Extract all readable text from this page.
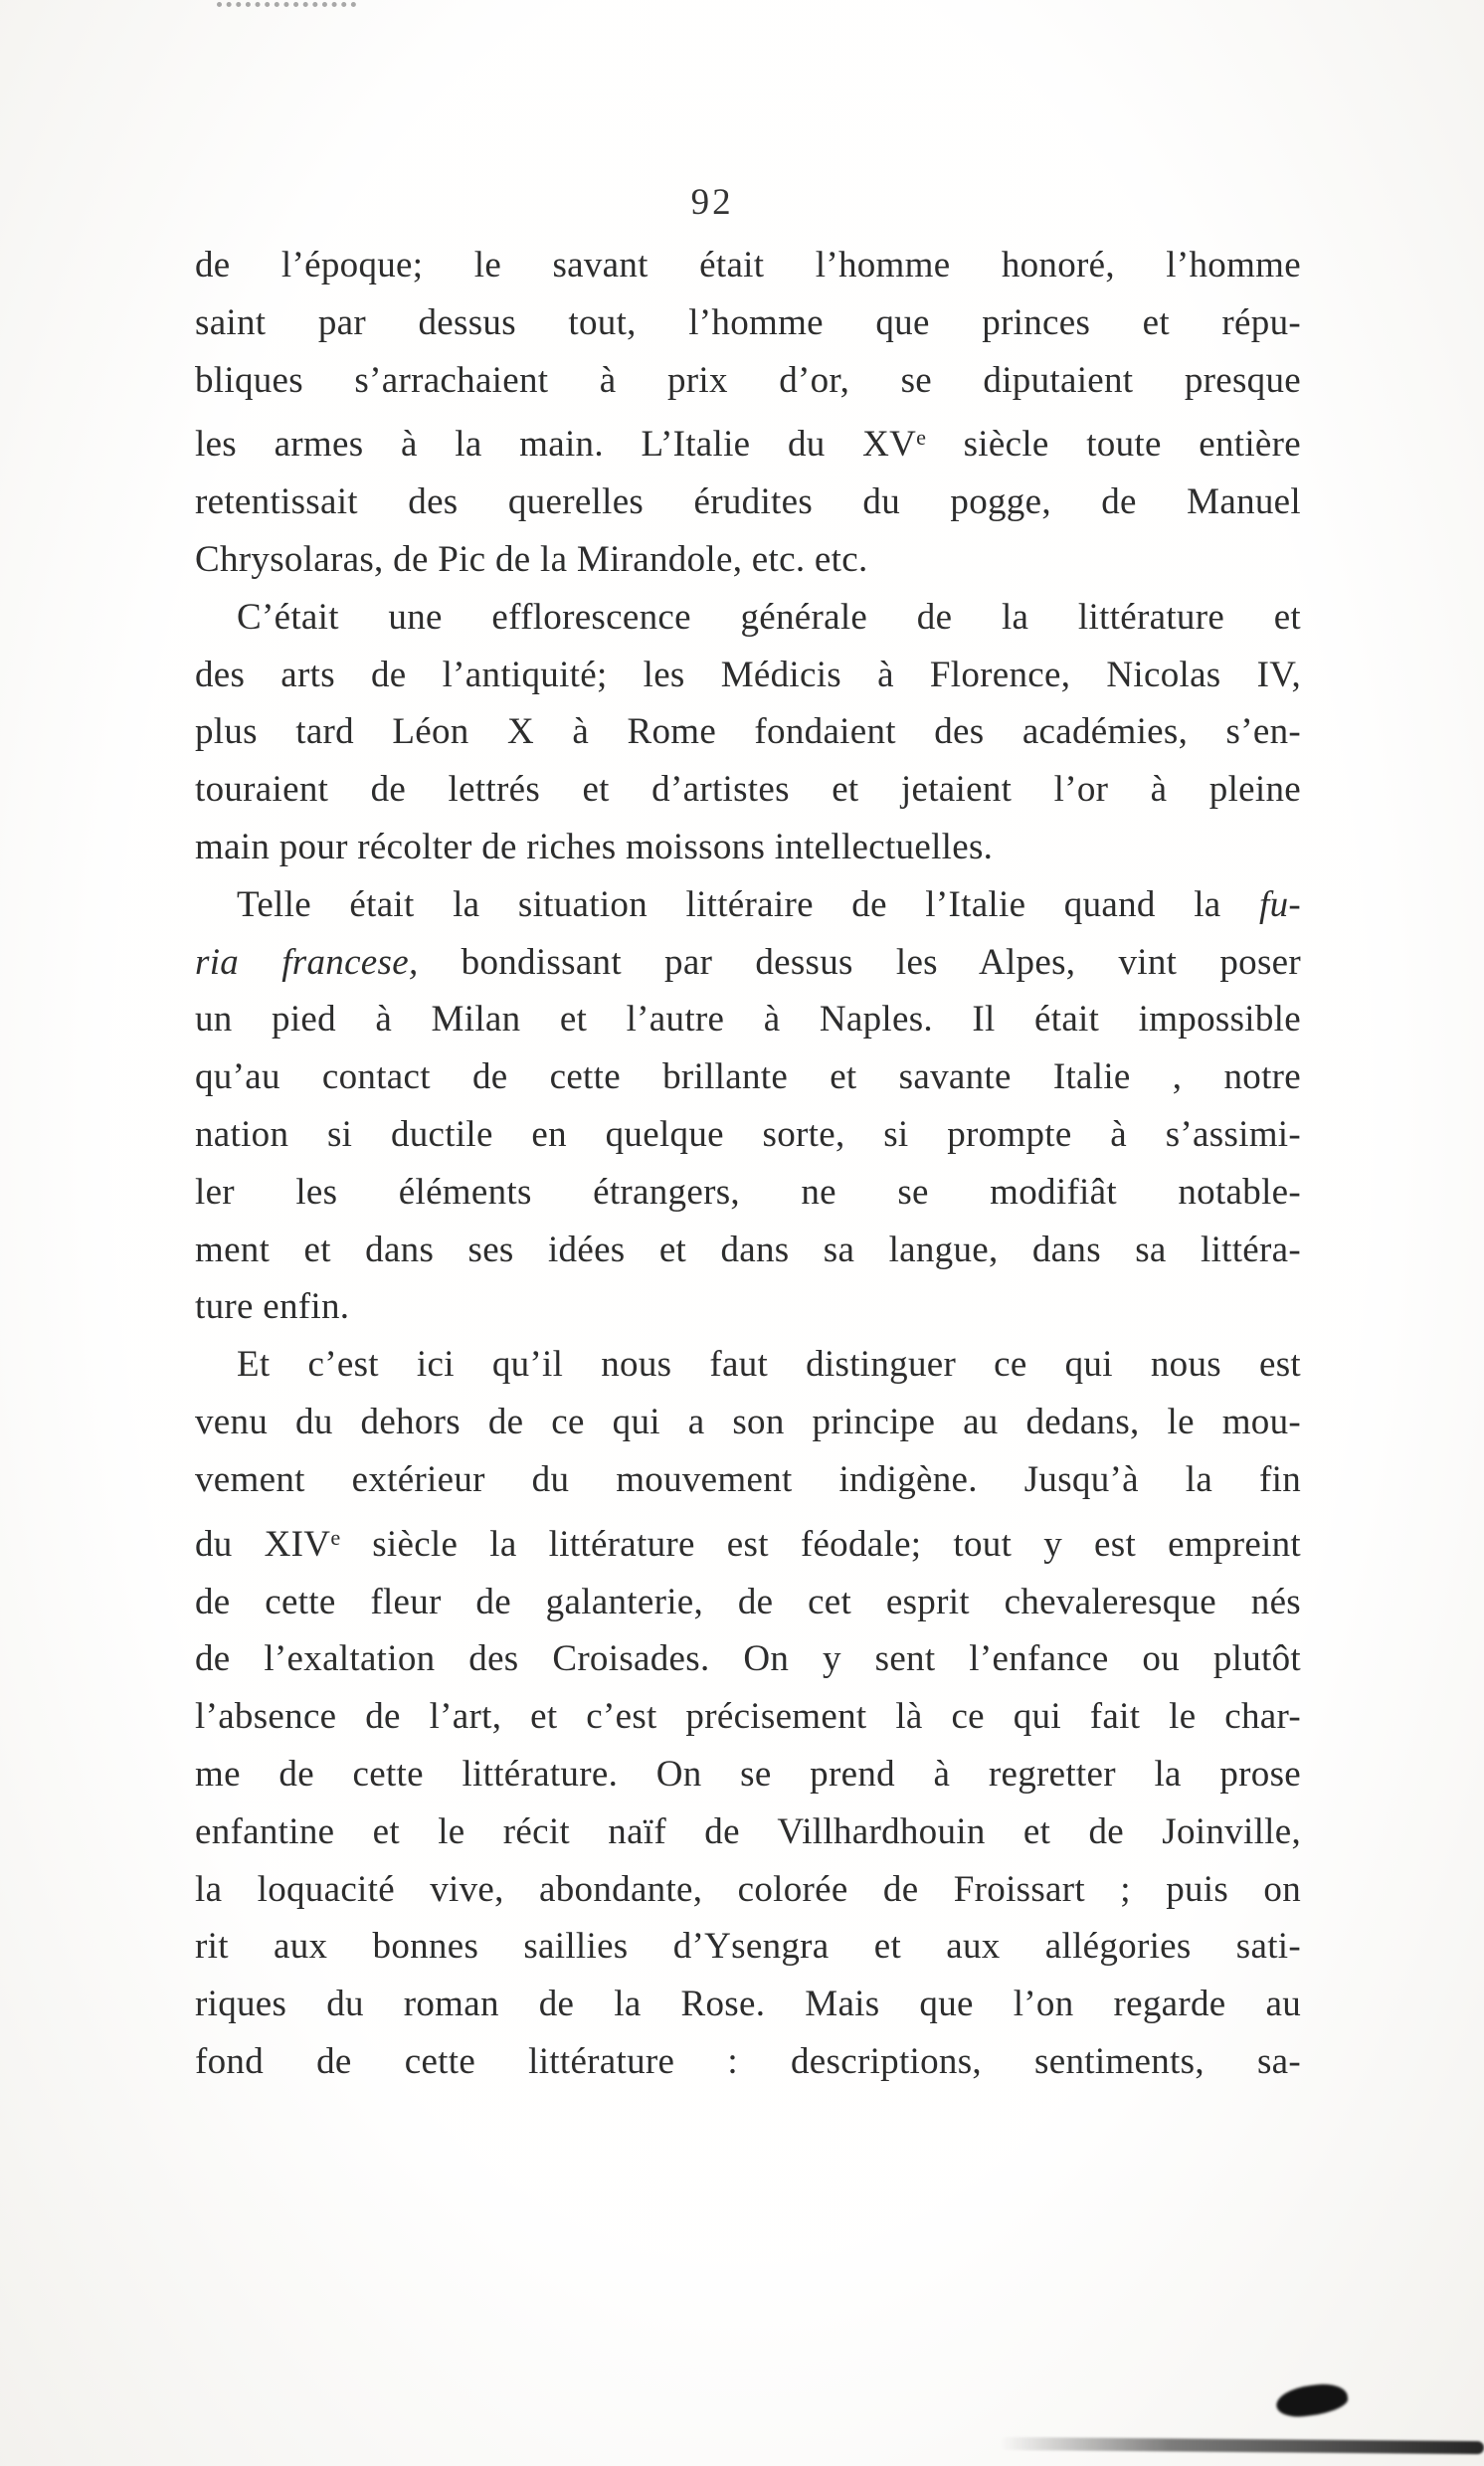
92
de l’époque; le savant était l’homme honoré, l’homme
saint par dessus tout, l’homme que princes et répu-
bliques s’arrachaient à prix d’or, se diputaient presque
les armes à la main. L’Italie du XVe siècle toute entière
retentissait des querelles érudites du pogge, de Manuel
Chrysolaras, de Pic de la Mirandole, etc. etc.
C’était une efflorescence générale de la littérature et
des arts de l’antiquité; les Médicis à Florence, Nicolas IV,
plus tard Léon X à Rome fondaient des académies, s’en-
touraient de lettrés et d’artistes et jetaient l’or à pleine
main pour récolter de riches moissons intellectuelles.
Telle était la situation littéraire de l’Italie quand la fu-
ria francese, bondissant par dessus les Alpes, vint poser
un pied à Milan et l’autre à Naples. Il était impossible
qu’au contact de cette brillante et savante Italie , notre
nation si ductile en quelque sorte, si prompte à s’assimi-
ler les éléments étrangers, ne se modifiât notable-
ment et dans ses idées et dans sa langue, dans sa littéra-
ture enfin.
Et c’est ici qu’il nous faut distinguer ce qui nous est
venu du dehors de ce qui a son principe au dedans, le mou-
vement extérieur du mouvement indigène. Jusqu’à la fin
du XIVe siècle la littérature est féodale; tout y est empreint
de cette fleur de galanterie, de cet esprit chevaleresque nés
de l’exaltation des Croisades. On y sent l’enfance ou plutôt
l’absence de l’art, et c’est précisement là ce qui fait le char-
me de cette littérature. On se prend à regretter la prose
enfantine et le récit naïf de Villhardhouin et de Joinville,
la loquacité vive, abondante, colorée de Froissart ; puis on
rit aux bonnes saillies d’Ysengra et aux allégories sati-
riques du roman de la Rose. Mais que l’on regarde au
fond de cette littérature : descriptions, sentiments, sa-
